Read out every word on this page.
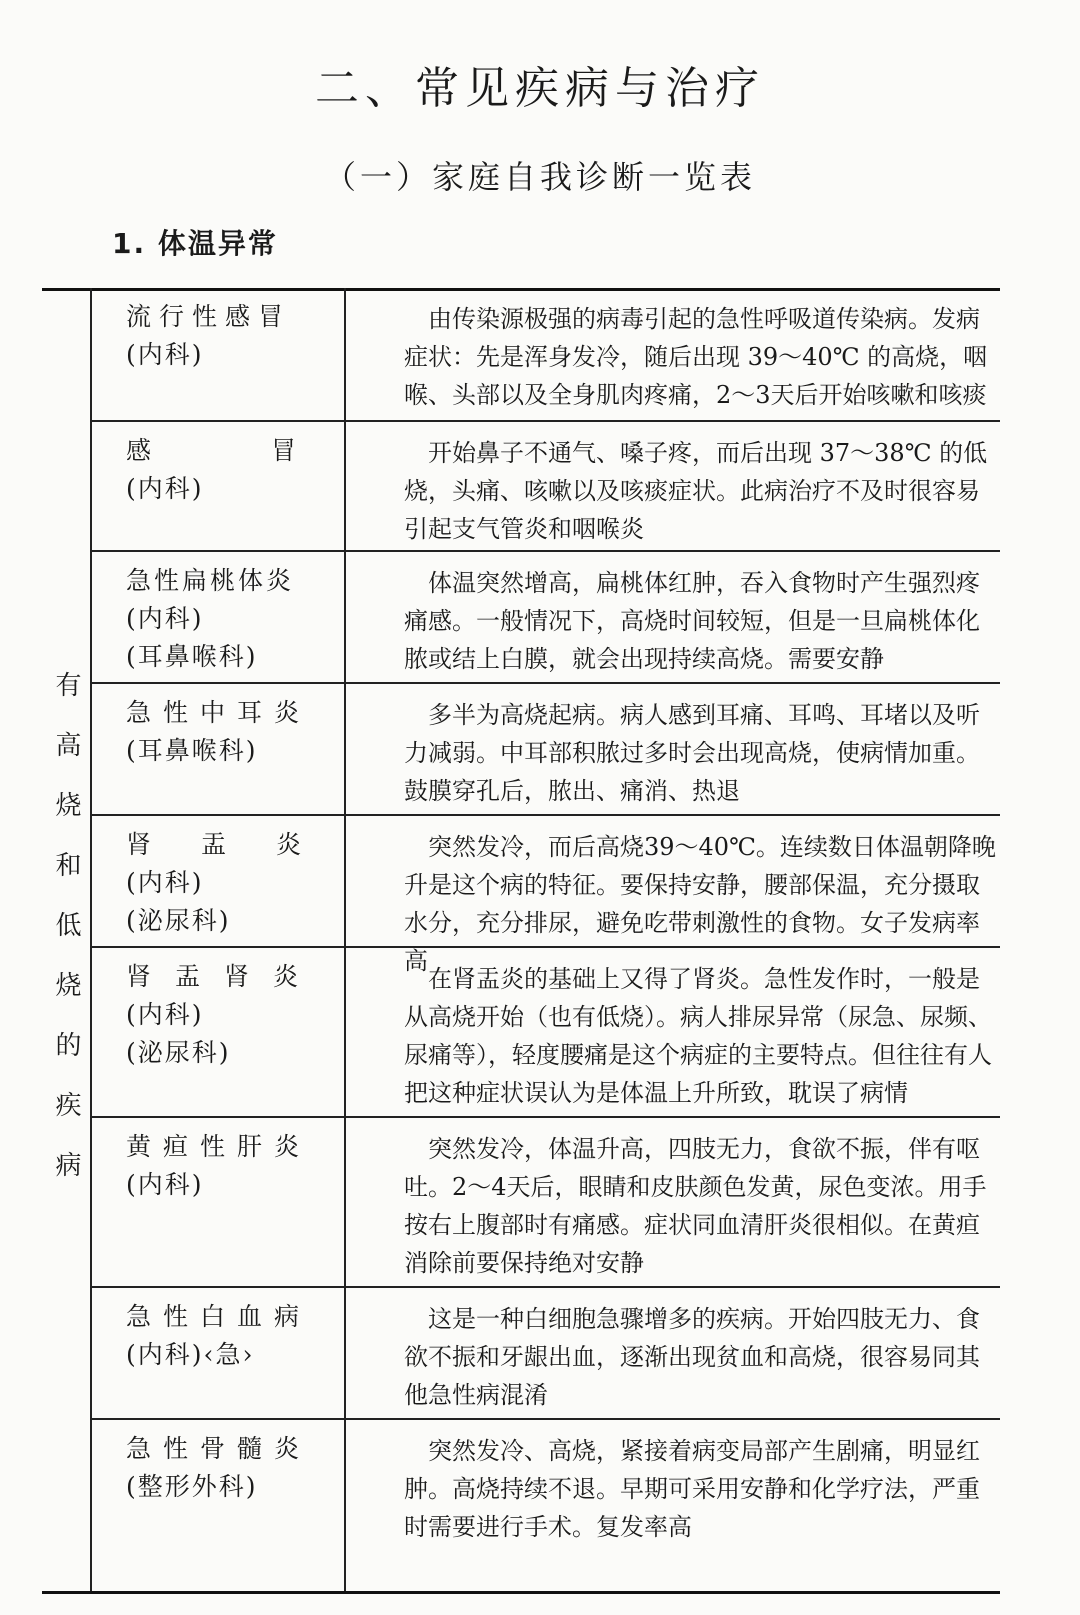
二、常见疾病与治疗
（一）家庭自我诊断一览表
1. 体温异常
有高烧和低烧的疾病
流行性感冒
(内科)
由传染源极强的病毒引起的急性呼吸道传染病。发病症状：先是浑身发冷，随后出现 39～40℃ 的高烧，咽喉、头部以及全身肌肉疼痛，2～3天后开始咳嗽和咳痰
感冒
(内科)
开始鼻子不通气、嗓子疼，而后出现 37～38℃ 的低烧，头痛、咳嗽以及咳痰症状。此病治疗不及时很容易引起支气管炎和咽喉炎
急性扁桃体炎
(内科)
(耳鼻喉科)
体温突然增高，扁桃体红肿，吞入食物时产生强烈疼痛感。一般情况下，高烧时间较短，但是一旦扁桃体化脓或结上白膜，就会出现持续高烧。需要安静
急性中耳炎
(耳鼻喉科)
多半为高烧起病。病人感到耳痛、耳鸣、耳堵以及听力减弱。中耳部积脓过多时会出现高烧，使病情加重。鼓膜穿孔后，脓出、痛消、热退
肾盂炎
(内科)
(泌尿科)
突然发冷，而后高烧39～40℃。连续数日体温朝降晚升是这个病的特征。要保持安静，腰部保温，充分摄取水分，充分排尿，避免吃带刺激性的食物。女子发病率高
肾盂肾炎
(内科)
(泌尿科)
在肾盂炎的基础上又得了肾炎。急性发作时，一般是从高烧开始（也有低烧）。病人排尿异常（尿急、尿频、尿痛等），轻度腰痛是这个病症的主要特点。但往往有人把这种症状误认为是体温上升所致，耽误了病情
黄疸性肝炎
(内科)
突然发冷，体温升高，四肢无力，食欲不振，伴有呕吐。2～4天后，眼睛和皮肤颜色发黄，尿色变浓。用手按右上腹部时有痛感。症状同血清肝炎很相似。在黄疸消除前要保持绝对安静
急性白血病
(内科)‹急›
这是一种白细胞急骤增多的疾病。开始四肢无力、食欲不振和牙龈出血，逐渐出现贫血和高烧，很容易同其他急性病混淆
急性骨髓炎
(整形外科)
突然发冷、高烧，紧接着病变局部产生剧痛，明显红肿。高烧持续不退。早期可采用安静和化学疗法，严重时需要进行手术。复发率高
